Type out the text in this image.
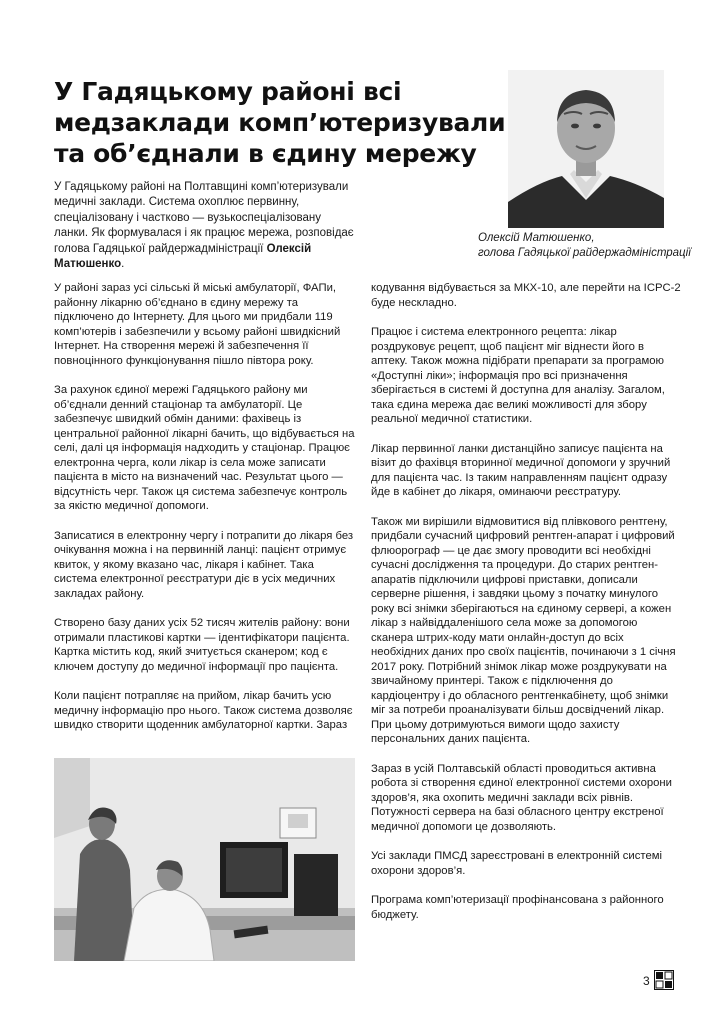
У Гадяцькому районі всі
медзаклади комп’ютеризували
та об’єднали в єдину мережу

У Гадяцькому районі на Полтавщині комп’ютеризували медичні заклади. Система охоплює первинну, спеціалізовану і частково — вузькоспеціалізовану ланки. Як формувалася і як працює мережа, розповідає голова Гадяцької райдержадміністрації Олексій Матюшенко.

Олексій Матюшенко,
голова Гадяцької райдержадміністрації

У районі зараз усі сільські й міські амбулаторії, ФАПи, районну лікарню об’єднано в єдину мережу та підключено до Інтернету. Для цього ми придбали 119 комп’ютерів і забезпечили у всьому районі швидкісний Інтернет. На створення мережі й забезпечення її повноцінного функціонування пішло півтора року.

За рахунок єдиної мережі Гадяцького району ми об’єднали денний стаціонар та амбулаторії. Це забезпечує швидкий обмін даними: фахівець із центральної районної лікарні бачить, що відбувається на селі, далі ця інформація надходить у стаціонар. Працює електронна черга, коли лікар із села може записати пацієнта в місто на визначений час. Результат цього — відсутність черг. Також ця система забезпечує контроль за якістю медичної допомоги.

Записатися в електронну чергу і потрапити до лікаря без очікування можна і на первинній ланці: пацієнт отримує квиток, у якому вказано час, лікаря і кабінет. Така система електронної реєстратури діє в усіх медичних закладах району.

Створено базу даних усіх 52 тисяч жителів району: вони отримали пластикові картки — ідентифікатори пацієнта. Картка містить код, який зчитується сканером; код є ключем доступу до медичної інформації про пацієнта.

Коли пацієнт потрапляє на прийом, лікар бачить усю медичну інформацію про нього. Також система дозволяє швидко створити щоденник амбулаторної картки. Зараз

кодування відбувається за МКХ-10, але перейти на ICPC-2 буде нескладно.

Працює і система електронного рецепта: лікар роздруковує рецепт, щоб пацієнт міг віднести його в аптеку. Також можна підібрати препарати за програмою «Доступні ліки»; інформація про всі призначення зберігається в системі й доступна для аналізу. Загалом, така єдина мережа дає великі можливості для збору реальної медичної статистики.

Лікар первинної ланки дистанційно записує пацієнта на візит до фахівця вторинної медичної допомоги у зручний для пацієнта час. Із таким направленням пацієнт одразу йде в кабінет до лікаря, оминаючи реєстратуру.

Також ми вирішили відмовитися від плівкового рентгену, придбали сучасний цифровий рентген-апарат і цифровий флюорограф — це дає змогу проводити всі необхідні сучасні дослідження та процедури. До старих рентген-апаратів підключили цифрові приставки, дописали серверне рішення, і завдяки цьому з початку минулого року всі знімки зберігаються на єдиному сервері, а кожен лікар з найвіддаленішого села може за допомогою сканера штрих-коду мати онлайн-доступ до всіх необхідних даних про своїх пацієнтів, починаючи з 1 січня 2017 року. Потрібний знімок лікар може роздрукувати на звичайному принтері. Також є підключення до кардіоцентру і до обласного рентгенкабінету, щоб знімки міг за потреби проаналізувати більш досвідчений лікар. При цьому дотримуються вимоги щодо захисту персональних даних пацієнта.

Зараз в усій Полтавській області проводиться активна робота зі створення єдиної електронної системи охорони здоров’я, яка охопить медичні заклади всіх рівнів. Потужності сервера на базі обласного центру екстреної медичної допомоги це дозволяють.

Усі заклади ПМСД зареєстровані в електронній системі охорони здоров’я.

Програма комп’ютеризації профінансована з районного бюджету.

3
